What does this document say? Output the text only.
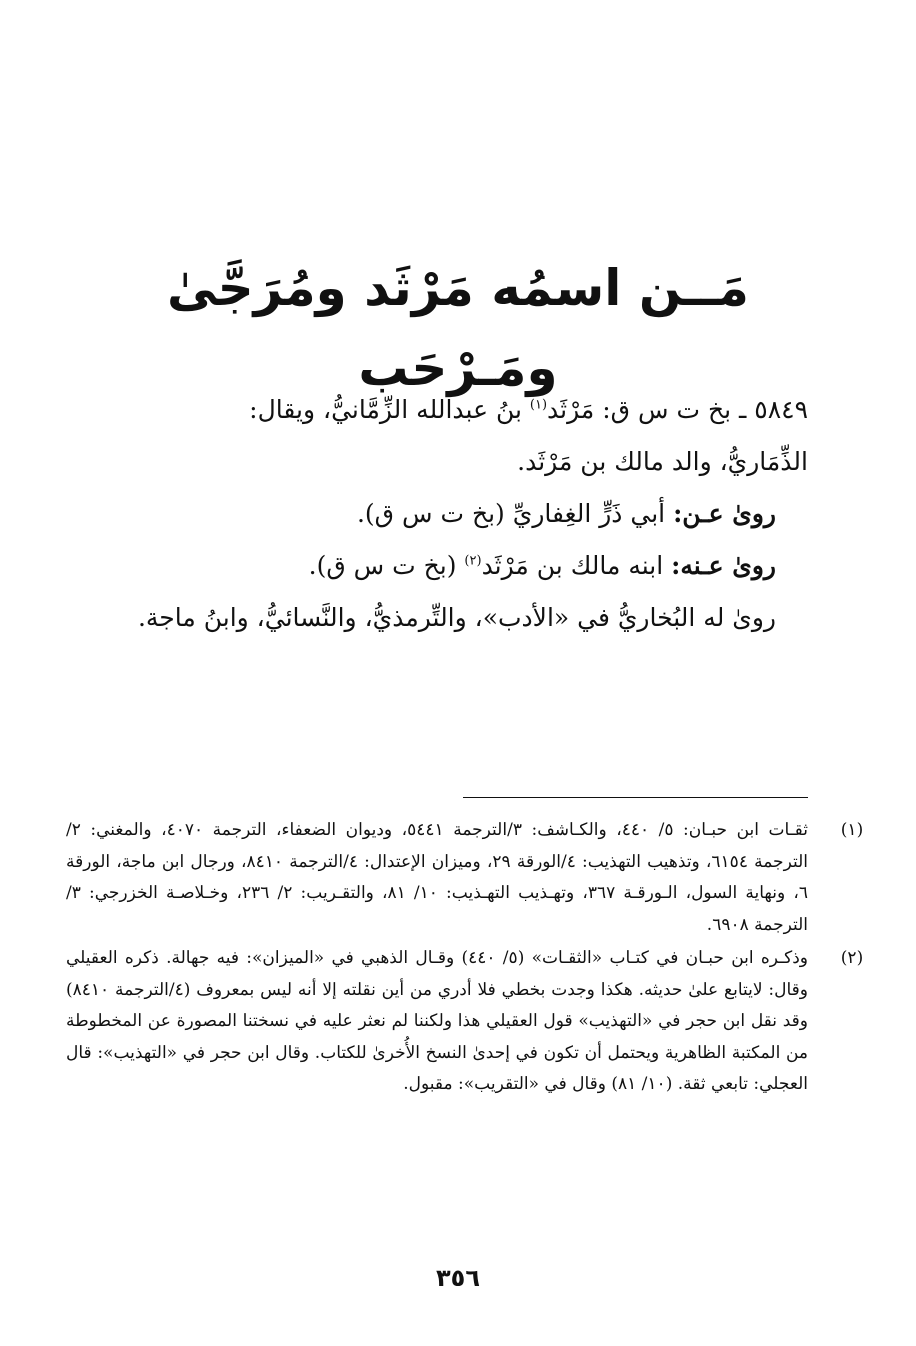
مَــن اسمُه مَرْثَد ومُرَجَّىٰ ومَـرْحَب

٥٨٤٩ ـ بخ ت س ق: مَرْثَد$^{(١)}$ بنُ عبدالله الزِّمَّانيُّ، ويقال:

الذِّمَاريُّ، والد مالك بن مَرْثَد.

روىٰ عـن: أبي ذَرٍّ الغِفاريِّ (بخ ت س ق).

روىٰ عـنه: ابنه مالك بن مَرْثَد$^{(٢)}$ (بخ ت س ق).

روىٰ له البُخاريُّ في «الأدب»، والتِّرمذيُّ، والنَّسائيُّ، وابنُ ماجة.

(١)

ثقـات ابن حبـان: ٥/ ٤٤٠، والكـاشف: ٣/الترجمة ٥٤٤١، وديوان الضعفاء، الترجمة ٤٠٧٠، والمغني: ٢/الترجمة ٦١٥٤، وتذهيب التهذيب: ٤/الورقة ٢٩، وميزان الإعتدال: ٤/الترجمة ٨٤١٠، ورجال ابن ماجة، الورقة ٦، ونهاية السول، الـورقـة ٣٦٧، وتهـذيب التهـذيب: ١٠/ ٨١، والتقـريب: ٢/ ٢٣٦، وخـلاصـة الخزرجي: ٣/الترجمة ٦٩٠٨.

(٢)

وذكـره ابن حبـان في كتـاب «الثقـات» (٥/ ٤٤٠) وقـال الذهبي في «الميزان»: فيه جهالة. ذكره العقيلي وقال: لايتابع علىٰ حديثه. هكذا وجدت بخطي فلا أدري من أين نقلته إلا أنه ليس بمعروف (٤/الترجمة ٨٤١٠) وقد نقل ابن حجر في «التهذيب» قول العقيلي هذا ولكننا لم نعثر عليه في نسختنا المصورة عن المخطوطة من المكتبة الظاهرية ويحتمل أن تكون في إحدىٰ النسخ الأُخرىٰ للكتاب. وقال ابن حجر في «التهذيب»: قال العجلي: تابعي ثقة. (١٠/ ٨١) وقال في «التقريب»: مقبول.

٣٥٦
